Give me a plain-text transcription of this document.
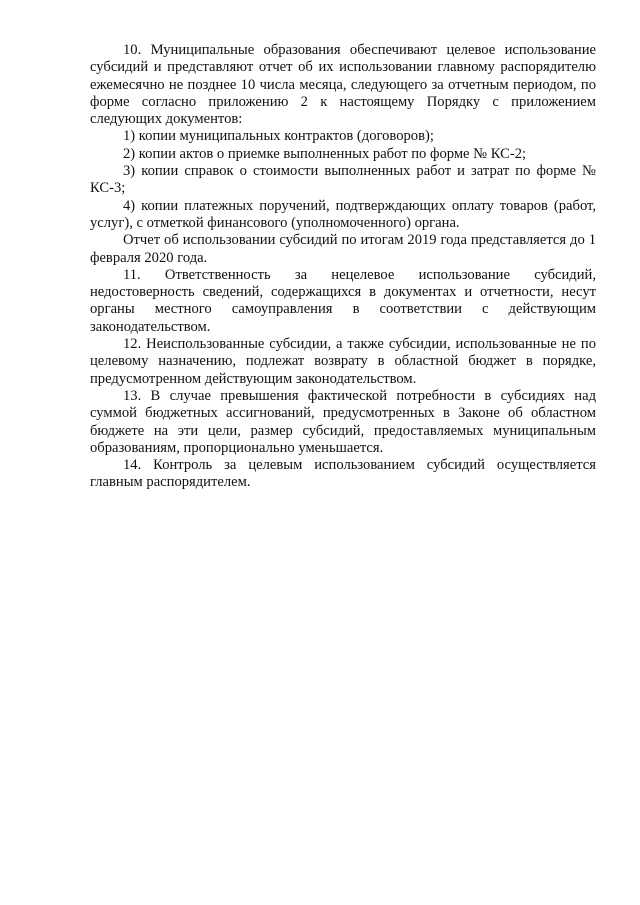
10. Муниципальные образования обеспечивают целевое использование субсидий и представляют отчет об их использовании главному распорядителю ежемесячно не позднее 10 числа месяца, следующего за отчетным периодом, по форме согласно приложению 2 к настоящему Порядку с приложением следующих документов:

1) копии муниципальных контрактов (договоров);

2) копии актов о приемке выполненных работ по форме № КС-2;

3) копии справок о стоимости выполненных работ и затрат по форме № КС-3;

4) копии платежных поручений, подтверждающих оплату товаров (работ, услуг), с отметкой финансового (уполномоченного) органа.

Отчет об использовании субсидий по итогам 2019 года представляется до 1 февраля 2020 года.

11. Ответственность за нецелевое использование субсидий, недостоверность сведений, содержащихся в документах и отчетности, несут органы местного самоуправления в соответствии с действующим законодательством.

12. Неиспользованные субсидии, а также субсидии, использованные не по целевому назначению, подлежат возврату в областной бюджет в порядке, предусмотренном действующим законодательством.

13. В случае превышения фактической потребности в субсидиях над суммой бюджетных ассигнований, предусмотренных в Законе об областном бюджете на эти цели, размер субсидий, предоставляемых муниципальным образованиям, пропорционально уменьшается.

14. Контроль за целевым использованием субсидий осуществляется главным распорядителем.
